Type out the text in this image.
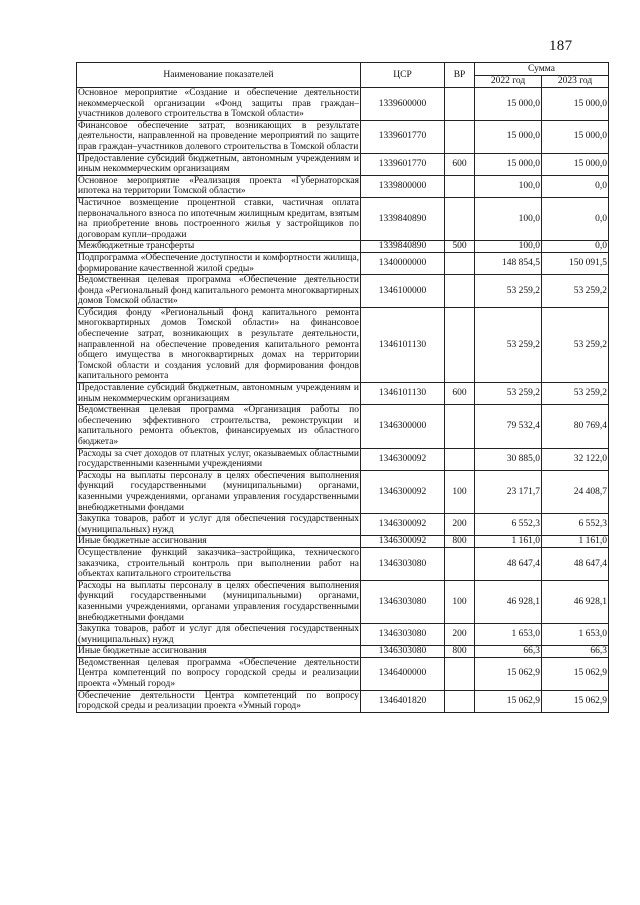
187
Наименование показателей	ЦСР	ВР	Сумма	
			2022 год	2023 год
Основное мероприятие «Создание и обеспечение деятельности некоммерческой организации «Фонд защиты прав граждан–участников долевого строительства в Томской области»	1339600000		15 000,0	15 000,0
Финансовое обеспечение затрат, возникающих в результате деятельности, направленной на проведение мероприятий по защите прав граждан–участников долевого строительства в Томской области	1339601770		15 000,0	15 000,0
Предоставление субсидий бюджетным, автономным учреждениям и иным некоммерческим организациям	1339601770	600	15 000,0	15 000,0
Основное мероприятие «Реализация проекта «Губернаторская ипотека на территории Томской области»	1339800000		100,0	0,0
Частичное возмещение процентной ставки, частичная оплата первоначального взноса по ипотечным жилищным кредитам, взятым на приобретение вновь построенного жилья у застройщиков по договорам купли–продажи	1339840890		100,0	0,0
Межбюджетные трансферты	1339840890	500	100,0	0,0
Подпрограмма «Обеспечение доступности и комфортности жилища, формирование качественной жилой среды»	1340000000		148 854,5	150 091,5
Ведомственная целевая программа «Обеспечение деятельности фонда «Региональный фонд капитального ремонта многоквартирных домов Томской области»	1346100000		53 259,2	53 259,2
Субсидия фонду «Региональный фонд капитального ремонта многоквартирных домов Томской области» на финансовое обеспечение затрат, возникающих в результате деятельности, направленной на обеспечение проведения капитального ремонта общего имущества в многоквартирных домах на территории Томской области и создания условий для формирования фондов капитального ремонта	1346101130		53 259,2	53 259,2
Предоставление субсидий бюджетным, автономным учреждениям и иным некоммерческим организациям	1346101130	600	53 259,2	53 259,2
Ведомственная целевая программа «Организация работы по обеспечению эффективного строительства, реконструкции и капитального ремонта объектов, финансируемых из областного бюджета»	1346300000		79 532,4	80 769,4
Расходы за счет доходов от платных услуг, оказываемых областными государственными казенными учреждениями	1346300092		30 885,0	32 122,0
Расходы на выплаты персоналу в целях обеспечения выполнения функций государственными (муниципальными) органами, казенными учреждениями, органами управления государственными внебюджетными фондами	1346300092	100	23 171,7	24 408,7
Закупка товаров, работ и услуг для обеспечения государственных (муниципальных) нужд	1346300092	200	6 552,3	6 552,3
Иные бюджетные ассигнования	1346300092	800	1 161,0	1 161,0
Осуществление функций заказчика–застройщика, технического заказчика, строительный контроль при выполнении работ на объектах капитального строительства	1346303080		48 647,4	48 647,4
Расходы на выплаты персоналу в целях обеспечения выполнения функций государственными (муниципальными) органами, казенными учреждениями, органами управления государственными внебюджетными фондами	1346303080	100	46 928,1	46 928,1
Закупка товаров, работ и услуг для обеспечения государственных (муниципальных) нужд	1346303080	200	1 653,0	1 653,0
Иные бюджетные ассигнования	1346303080	800	66,3	66,3
Ведомственная целевая программа «Обеспечение деятельности Центра компетенций по вопросу городской среды и реализации проекта «Умный город»	1346400000		15 062,9	15 062,9
Обеспечение деятельности Центра компетенций по вопросу городской среды и реализации проекта «Умный город»	1346401820		15 062,9	15 062,9
